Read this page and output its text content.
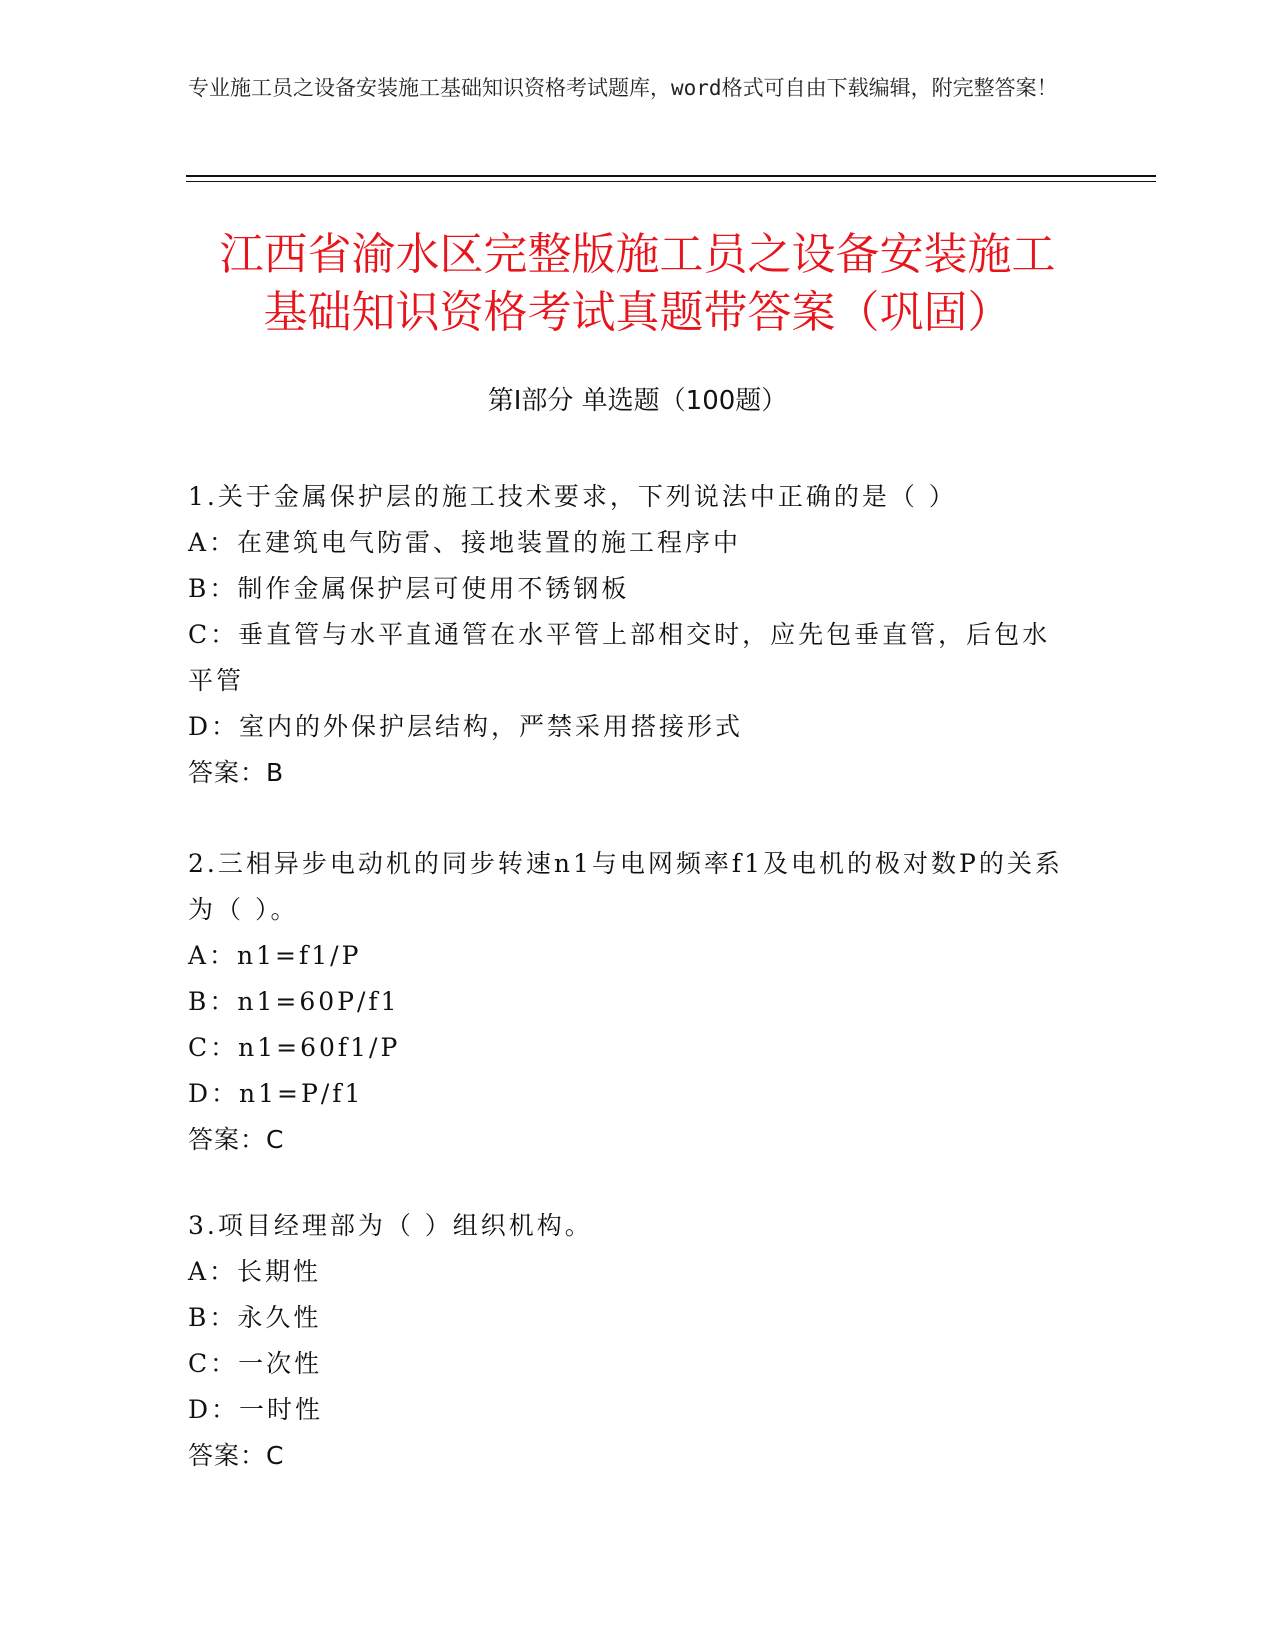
专业施工员之设备安装施工基础知识资格考试题库，word格式可自由下载编辑，附完整答案！
江西省渝水区完整版施工员之设备安装施工
基础知识资格考试真题带答案（巩固）
第Ⅰ部分 单选题（100题）
1.关于金属保护层的施工技术要求，下列说法中正确的是（ ）
A：在建筑电气防雷、接地装置的施工程序中
B：制作金属保护层可使用不锈钢板
C：垂直管与水平直通管在水平管上部相交时，应先包垂直管，后包水平管
D：室内的外保护层结构，严禁采用搭接形式
答案：B
2.三相异步电动机的同步转速n1与电网频率f1及电机的极对数P的关系为（ ）。
A：n1=f1/P
B：n1=60P/f1
C：n1=60f1/P
D：n1=P/f1
答案：C
3.项目经理部为（ ）组织机构。
A：长期性
B：永久性
C：一次性
D：一时性
答案：C
